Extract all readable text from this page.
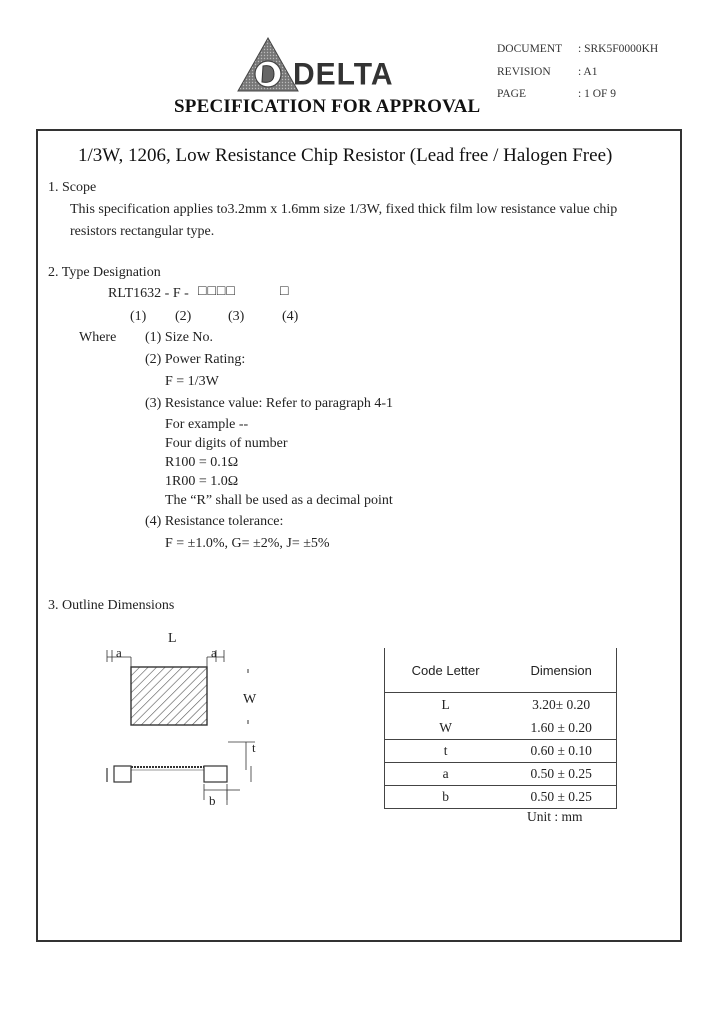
DELTA
SPECIFICATION FOR APPROVAL
DOCUMENT : SRK5F0000KH
REVISION : A1
PAGE	: 1 OF 9
1/3W, 1206, Low Resistance Chip Resistor (Lead free / Halogen Free)
1. Scope
This specification applies to3.2mm x 1.6mm size 1/3W, fixed thick film low resistance value chip
resistors rectangular type.
2. Type Designation
RLT1632 - F - □□□□	□
(1) (2)	(3)	(4)
Where (1) Size No.
(2) Power Rating:
F = 1/3W
(3) Resistance value: Refer to paragraph 4-1
For example --
Four digits of number
R100 = 0.1Ω
1R00 = 1.0Ω
The “R” shall be used as a decimal point
(4) Resistance tolerance:
F = ±1.0%, G= ±2%, J= ±5%
3. Outline Dimensions
L
a	a
W
t
b
Code Letter	Dimension
L	3.20± 0.20
W	1.60 ± 0.20
t	0.60 ± 0.10
a	0.50 ± 0.25
b	0.50 ± 0.25
Unit : mm
